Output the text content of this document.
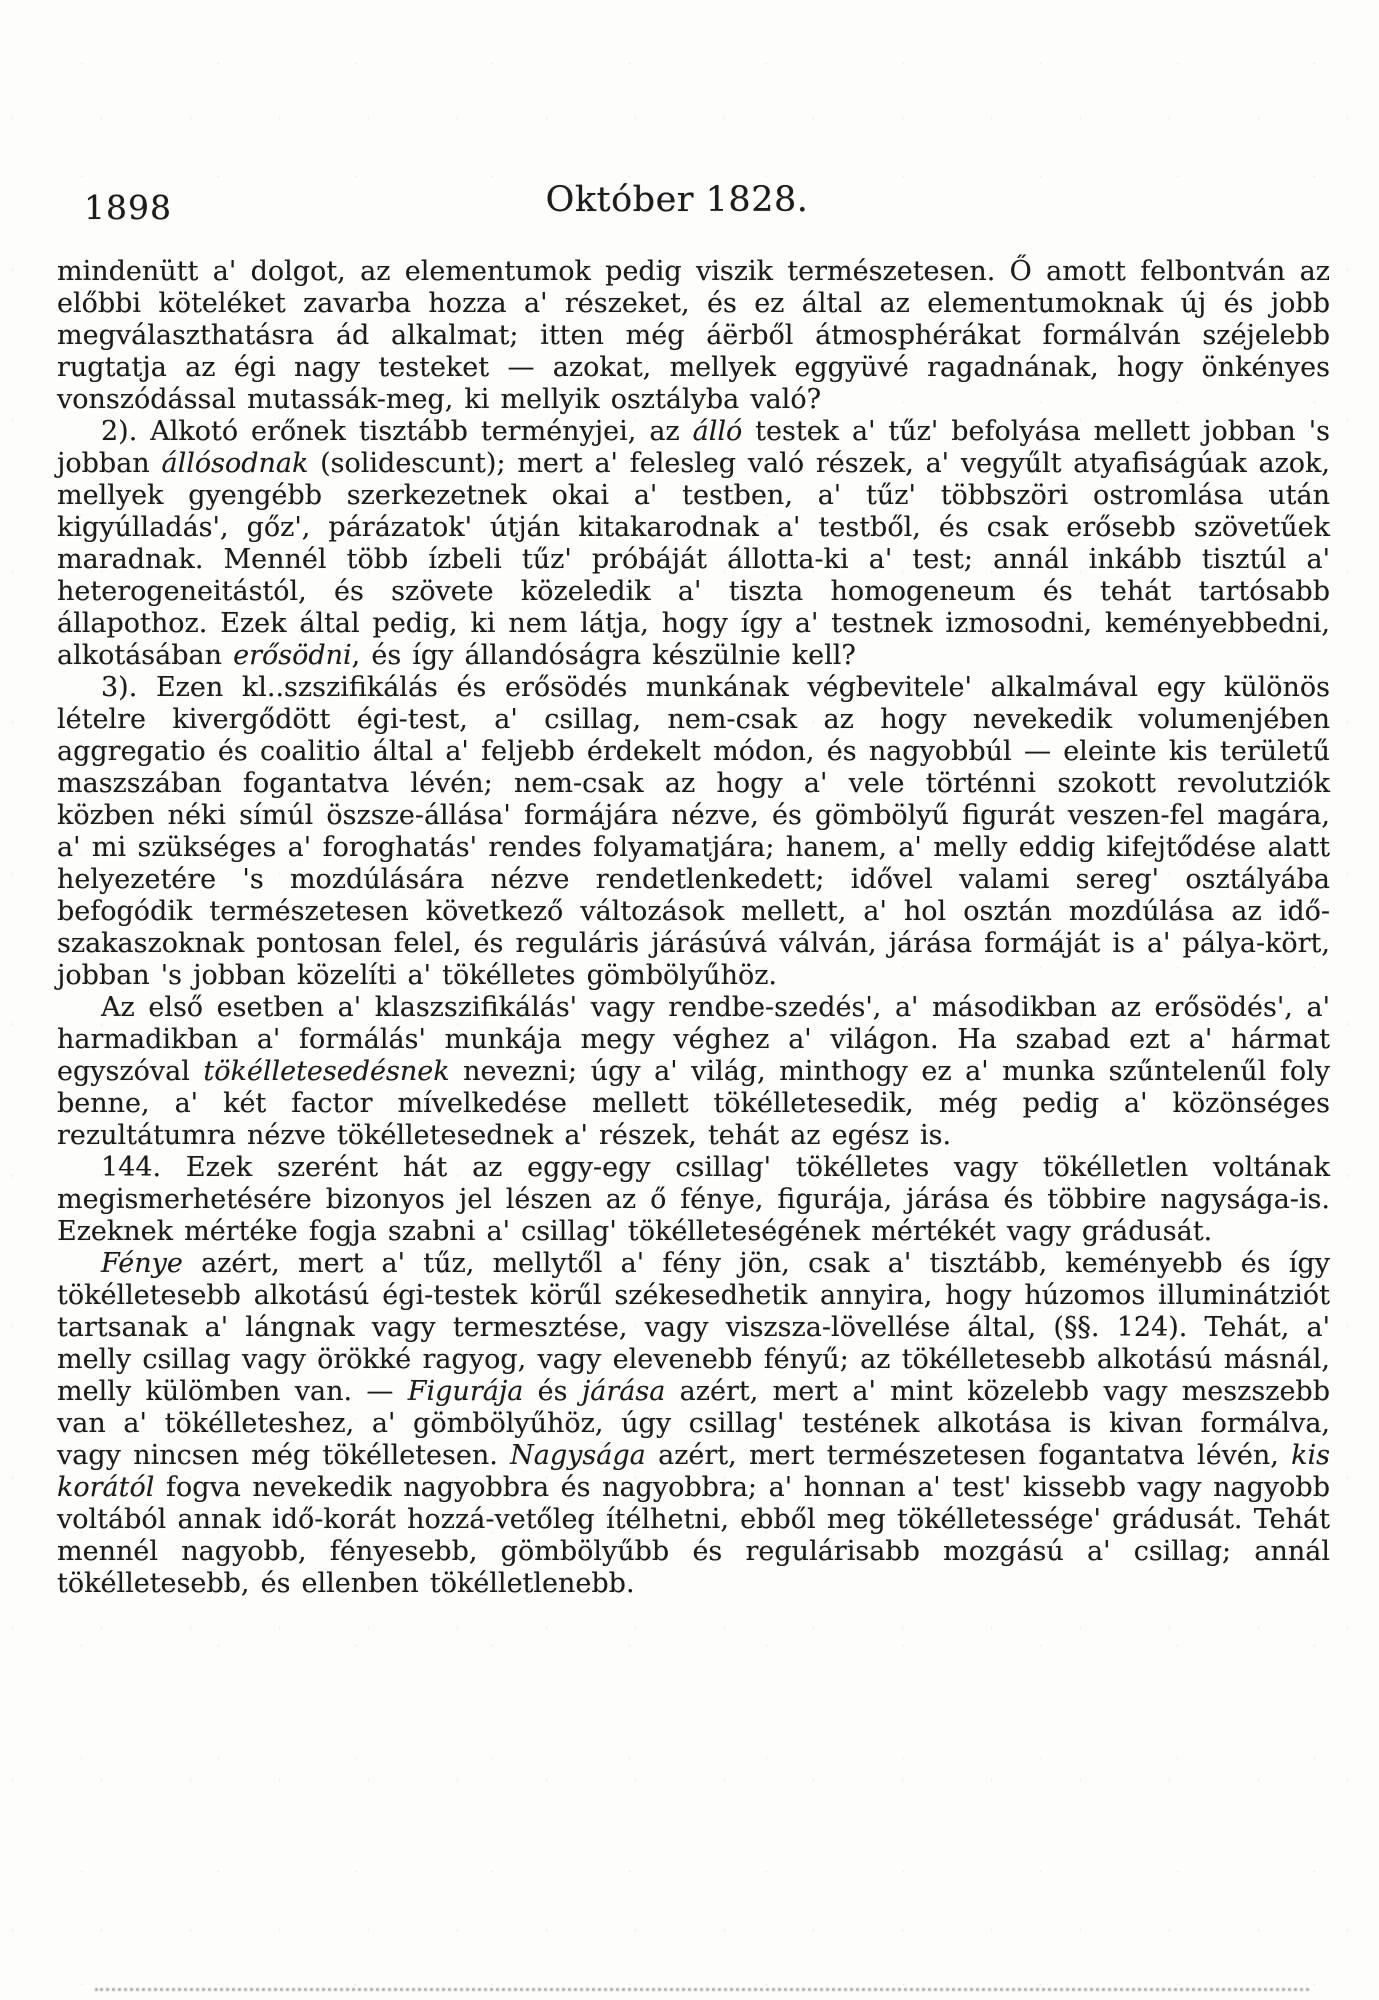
1898	Október 1828.

mindenütt a' dolgot, az elementumok pedig viszik természetesen. Ő amott felbontván az előbbi köteléket zavarba hozza a' részeket, és ez által az elementumoknak új és jobb megválaszthatásra ád alkalmat; itten még áërből átmosphérákat formálván széjelebb rugtatja az égi nagy testeket — azokat, mellyek eggyüvé ragadnának, hogy önkényes vonszódással mutassák-meg, ki mellyik osztályba való?

2). Alkotó erőnek tisztább terményjei, az álló testek a' tűz' befolyása mellett jobban 's jobban állósodnak (solidescunt); mert a' felesleg való részek, a' vegyűlt atyafiságúak azok, mellyek gyengébb szerkezetnek okai a' testben, a' tűz' többszöri ostromlása után kigyúlladás', gőz', párázatok' útján kitakarodnak a' testből, és csak erősebb szövetűek maradnak. Mennél több ízbeli tűz' próbáját állotta-ki a' test; annál inkább tisztúl a' heterogeneitástól, és szövete közeledik a' tiszta homogeneum és tehát tartósabb állapothoz. Ezek által pedig, ki nem látja, hogy így a' testnek izmosodni, keményebbedni, alkotásában erősödni, és így állandóságra készülnie kell?

3). Ezen kl..szszifikálás és erősödés munkának végbevitele' alkalmával egy különös lételre kivergődött égi-test, a' csillag, nem-csak az hogy nevekedik volumenjében aggregatio és coalitio által a' feljebb érdekelt módon, és nagyobbúl — eleinte kis területű maszszában fogantatva lévén; nem-csak az hogy a' vele történni szokott revolutziók közben néki símúl öszsze-állása' formájára nézve, és gömbölyű figurát veszen-fel magára, a' mi szükséges a' foroghatás' rendes folyamatjára; hanem, a' melly eddig kifejtődése alatt helyezetére 's mozdúlására nézve rendetlenkedett; idővel valami sereg' osztályába befogódik természetesen következő változások mellett, a' hol osztán mozdúlása az idő-szakaszoknak pontosan felel, és reguláris járásúvá válván, járása formáját is a' pálya-kört, jobban 's jobban közelíti a' tökélletes gömbölyűhöz.

Az első esetben a' klaszszifikálás' vagy rendbe-szedés', a' másodikban az erősödés', a' harmadikban a' formálás' munkája megy véghez a' világon. Ha szabad ezt a' hármat egyszóval tökélletesedésnek nevezni; úgy a' világ, minthogy ez a' munka szűntelenűl foly benne, a' két factor mívelkedése mellett tökélletesedik, még pedig a' közönséges rezultátumra nézve tökélletesednek a' részek, tehát az egész is.

144. Ezek szerént hát az eggy-egy csillag' tökélletes vagy tökélletlen voltának megismerhetésére bizonyos jel lészen az ő fénye, figurája, járása és többire nagysága-is. Ezeknek mértéke fogja szabni a' csillag' tökélleteségének mértékét vagy grádusát.

Fénye azért, mert a' tűz, mellytől a' fény jön, csak a' tisztább, keményebb és így tökélletesebb alkotású égi-testek körűl székesedhetik annyira, hogy húzomos illuminátziót tartsanak a' lángnak vagy termesztése, vagy viszsza-lövellése által, (§§. 124). Tehát, a' melly csillag vagy örökké ragyog, vagy elevenebb fényű; az tökélletesebb alkotású másnál, melly külömben van. — Figurája és járása azért, mert a' mint közelebb vagy meszszebb van a' tökélleteshez, a' gömbölyűhöz, úgy csillag' testének alkotása is kivan formálva, vagy nincsen még tökélletesen. Nagysága azért, mert természetesen fogantatva lévén, kis korától fogva nevekedik nagyobbra és nagyobbra; a' honnan a' test' kissebb vagy nagyobb voltából annak idő-korát hozzá-vetőleg ítélhetni, ebből meg tökélletessége' grádusát. Tehát mennél nagyobb, fényesebb, gömbölyűbb és regulárisabb mozgású a' csillag; annál tökélletesebb, és ellenben tökélletlenebb.
